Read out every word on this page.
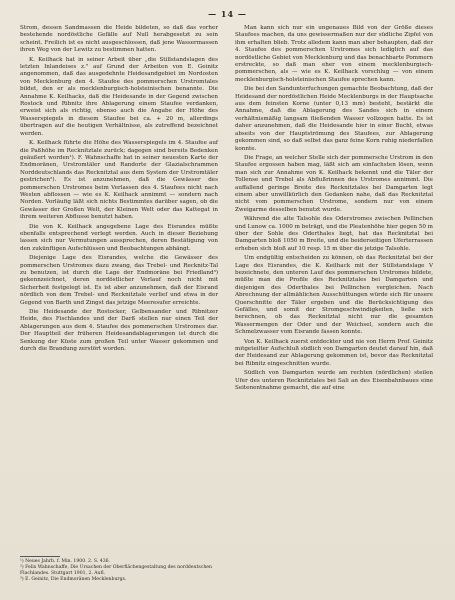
— 14 —

Strom, dessen Sandmassen die Heide bildeten, so daß das vorher bestehende nordöstliche Gefälle auf Null herabgesetzt zu sein scheint. Freilich ist es nicht ausgeschlossen, daß jene Wassermassen ihren Weg von der Lewitz zu bestimmen hatten.

K. Keilhack hat in seiner Arbeit über „die Stillstandslagen des letzten Inlandeises z." auf Grund der Arbeiten von E. Geinitz angenommen, daß das ausgedehnte Heidesandgebiet im Nordosten von Mecklenburg den 4. Staufee des pommerschen Urstromtales bildet, den er als mecklenburgisch-holsteinischen benannte. Die Annahme K. Keilhacks, daß die Heidesande in der Gegend zwischen Rostock und Ribnitz ihre Ablagerung einem Staufee verdanken, erweist sich als richtig, ebenso auch die Angabe der Höhe des Wasserspiegels in diesem Staufee bei ca. + 20 m, allerdings übertragen auf die heutigen Verhältnisse, als zutreffend bezeichnet werden.

K. Keilhack führte die Höhe des Wasserspiegels im 4. Staufee auf die Paßhöhe im Recknitztale zurück; dagegen sind bereits Bedenken geäußert worden¹). F. Wahnschaffe hat in seiner neuesten Karte der Endmoränen, Urstromtäler und Randorte der Glazialschrammen Norddeutschlands das Recknitztal aus dem System der Urstromtäler gestrichen²). Es ist anzunehmen, daß die Gewässer des pommerschen Urstromes beim Verlassen des 4. Staufees nicht nach Westen abflossen — wie es K. Keilhack annimmt — sondern nach Norden. Vorläufig läßt sich nichts Bestimmtes darüber sagen, ob die Gewässer der Großen Welt, der Kleinen Welt oder das Kattegat in ihrem weiteren Abflusse benutzt haben.

Die von K. Keilhack angegebene Lage des Eisrandes müßte ebenfalls entsprechend verlegt werden. Auch in dieser Beziehung lassen sich nur Vermutungen aussprechen, deren Bestätigung von den zukünftigen Aufschlüssen und Beobachtungen abhängt.

Diejenige Lage des Eisrandes, welche die Gewässer des pommerschen Urstromes dazu zwang, das Trebel- und Recknitz-Tal zu benutzen, ist durch die Lage der Endmoräne bei Friedland³) gekennzeichnet, deren nordöstlicher Verlauf noch nicht mit Sicherheit festgelegt ist. Es ist aber anzunehmen, daß der Eisrand nördlich von dem Trebel- und Recknitztale verlief und etwa in der Gegend von Barth und Zingst das jetzige Meeresufer erreichte.

Die Heidesande der Rostocker, Gelbensander und Ribnitzer Heide, des Fischlandes und der Darß stellen nur einen Teil der Ablagerungen aus dem 4. Staufee des pommerschen Urstromes dar. Der Hauptteil der früheren Heidesandablagerungen ist durch die Senkung der Küste zum großen Teil unter Wasser gekommen und durch die Brandung zerstört worden.

Man kann sich nur ein ungenaues Bild von der Größe dieses Staufees machen, da uns gewissermaßen nur der südliche Zipfel von ihm erhalten blieb. Trotz alledem kann man aber behaupten, daß der 4. Staufee des pommerschen Urstromes sich lediglich auf das nordöstliche Gebiet von Mecklenburg und das benachbarte Pommern erstreckte, so daß man eher von einem mecklenburgisch-pommerschen, als — wie es K. Keilhack vorschlug — von einem mecklenburgisch-holsteinischen Staufee sprechen kann.

Die bei den Sandunterfuchungen gemachte Beobachtung, daß der Heidesand der nordöstlichen Heide Mecklenburgs in der Hauptsache aus dem feinsten Korne (unter 0,13 mm) besteht, bestärkt die Annahme, daß die Ablagerung des Sandes sich in einem verhältnismäßig langsam fließenden Wasser vollzogen hatte. Es ist daher anzunehmen, daß die Heidesande hier in einer Bucht, etwas abseits von der Hauptströmung des Staufees, zur Ablagerung gekommen sind, so daß selbst das ganz feine Korn ruhig niederfallen konnte.

Die Frage, an welcher Stelle sich der pommersche Urstrom in den Staufee ergossen haben mag, läßt sich am einfachsten lösen, wenn man sich zur Annahme von K. Keilhack bekennt und die Täler der Tollense und Trebel als Abflußrinnen des Urstromes annimmt. Die auffallend geringe Breite des Recknitztales bei Damgarten legt einem aber unwillkürlich den Gedanken nahe, daß das Recknitztal nicht vom pommerschen Urstrome, sondern nur von einem Zweigarme desselben benutzt wurde.

Während die alte Talsohle des Oderstromes zwischen Pellinchen und Lunow ca. 1000 m beträgt, und die Pleatenhöhe hier gegen 50 m über der Sohle des Oderthales liegt, hat das Recknitztal bei Damgarten bloß 1050 m Breite, und die beiderseitigen Uferterrassen erheben sich bloß auf 10 resp. 15 m über die jetzige Talsohle.

Um endgültig entscheiden zu können, ob das Recknitztal bei der Lage des Eisrandes, die K. Keilhack mit der Stillstandslage V bezeichnete, den unteren Lauf des pommerschen Urstromes bildete, müßte man die Profile des Recknitztales bei Damgarten und diejenigen des Oderthales bei Pellinchen vergleichen. Nach Abrechnung der allmählichen Ausschüttungen würde sich für unsere Querschnitte der Täler ergeben und die Berücksichtigung des Gefälles, und somit der Stromgeschwindigkeiten, ließe sich berechnen, ob das Recknitztal nicht nur die gesamten Wassermengen der Oder und der Weichsel, sondern auch die Schmelzwasser vom Eisrande fassen konnte.

Von K. Keilhack zuerst entdeckter und nie von Herrn Prof. Geinitz mitgeteilter Aufschluß südlich von Damgarten deutet darauf hin, daß der Heidesand zur Ablagerung gekommen ist, bevor das Recknitztal bei Ribnitz eingeschnitten wurde.

Südlich von Damgarten wurde am rechten (nördlichen) steilen Ufer des unteren Recknitztales bei Sali an des Eisenbahnbaues eine Seitenentnahme gemacht, die auf eine

¹) Neues Jahrb. f. Min. 1900. 2. S. 436.
²) Felix Wahnschaffe, Die Ursachen der Oberflächengestaltung des norddeutschen Flachlandes. Stuttgart 1901, 2. Aufl.
³) E. Geinitz, Die Endmoränen Mecklenburgs.
